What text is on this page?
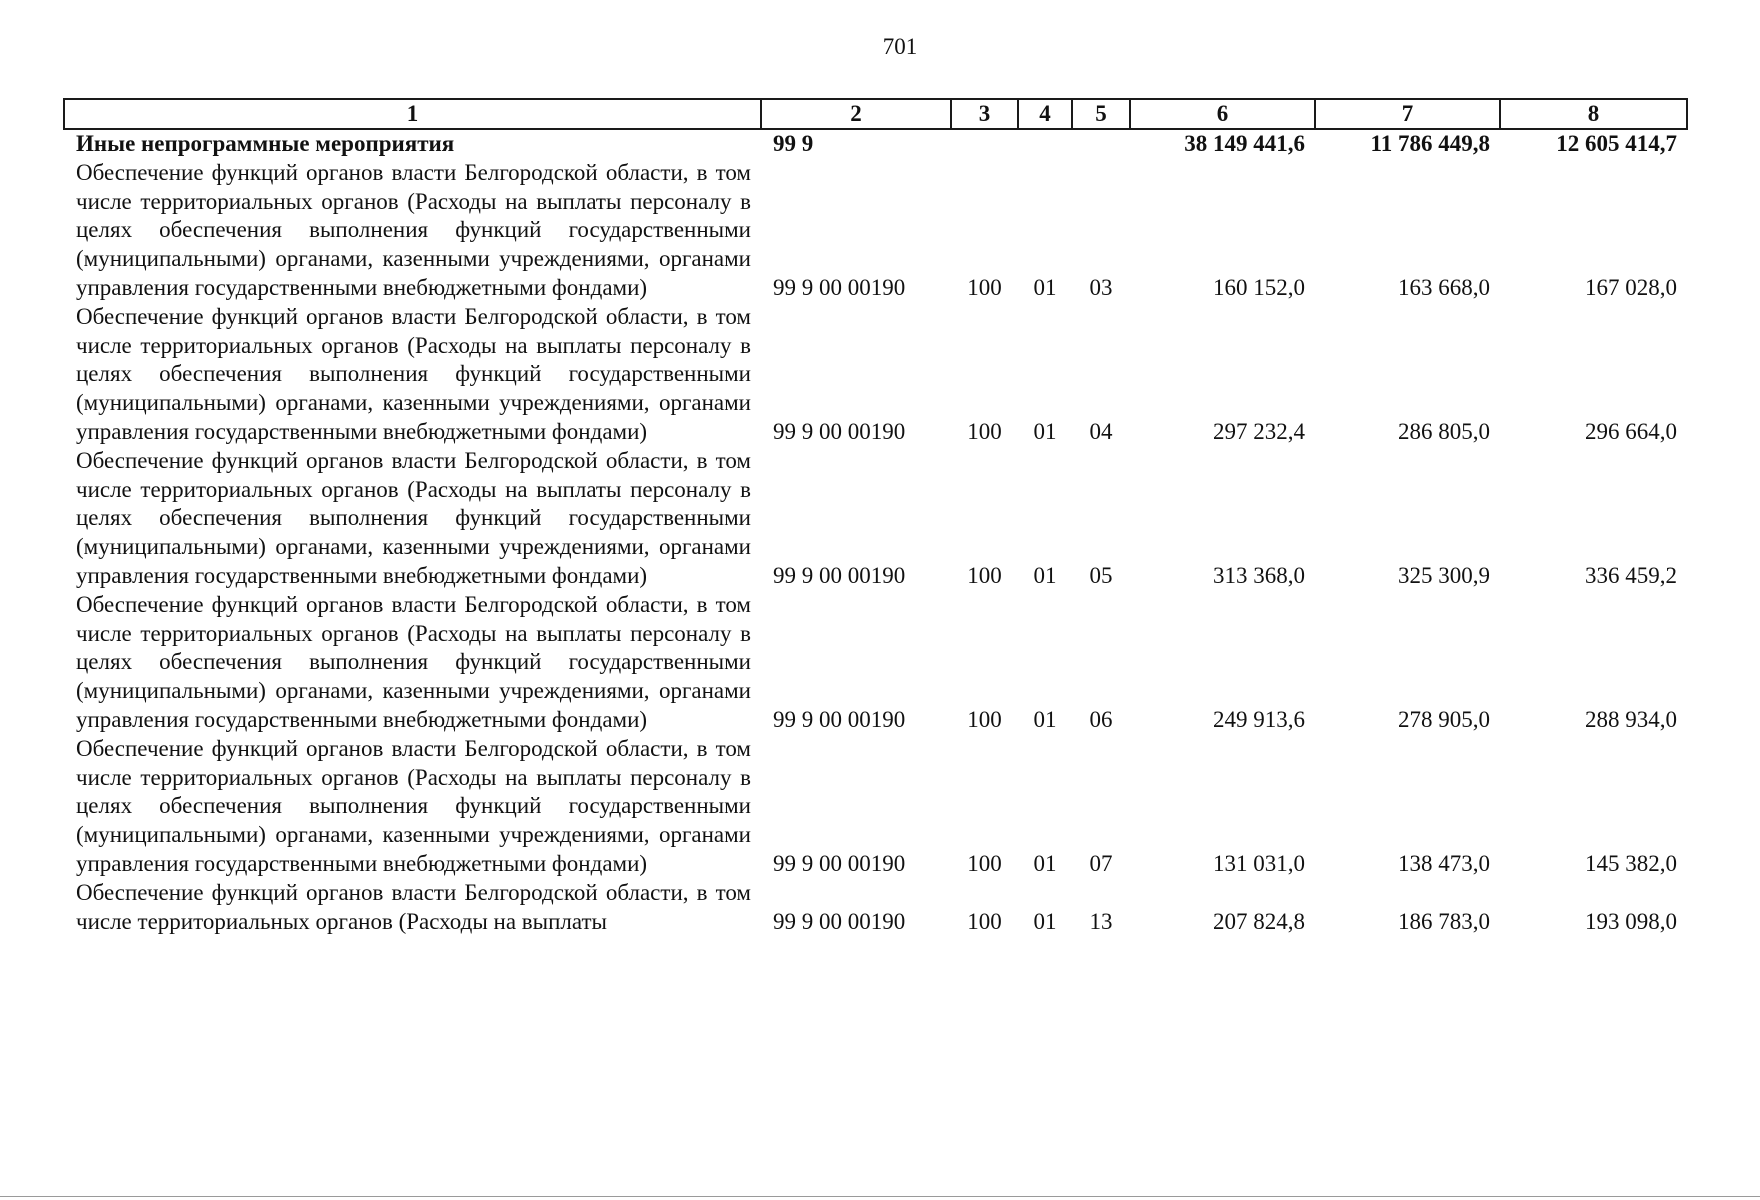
701
1	2	3	4	5	6	7	8
Иные непрограммные мероприятия	99 9				38 149 441,6	11 786 449,8	12 605 414,7
Обеспечение функций органов власти Белгородской области, в том числе территориальных органов (Расходы на выплаты персоналу в целях обеспечения выполнения функций государственными (муниципальными) органами, казенными учреждениями, органами управления государственными внебюджетными фондами)	99 9 00 00190	100	01	03	160 152,0	163 668,0	167 028,0
Обеспечение функций органов власти Белгородской области, в том числе территориальных органов (Расходы на выплаты персоналу в целях обеспечения выполнения функций государственными (муниципальными) органами, казенными учреждениями, органами управления государственными внебюджетными фондами)	99 9 00 00190	100	01	04	297 232,4	286 805,0	296 664,0
Обеспечение функций органов власти Белгородской области, в том числе территориальных органов (Расходы на выплаты персоналу в целях обеспечения выполнения функций государственными (муниципальными) органами, казенными учреждениями, органами управления государственными внебюджетными фондами)	99 9 00 00190	100	01	05	313 368,0	325 300,9	336 459,2
Обеспечение функций органов власти Белгородской области, в том числе территориальных органов (Расходы на выплаты персоналу в целях обеспечения выполнения функций государственными (муниципальными) органами, казенными учреждениями, органами управления государственными внебюджетными фондами)	99 9 00 00190	100	01	06	249 913,6	278 905,0	288 934,0
Обеспечение функций органов власти Белгородской области, в том числе территориальных органов (Расходы на выплаты персоналу в целях обеспечения выполнения функций государственными (муниципальными) органами, казенными учреждениями, органами управления государственными внебюджетными фондами)	99 9 00 00190	100	01	07	131 031,0	138 473,0	145 382,0
Обеспечение функций органов власти Белгородской области, в том числе территориальных органов (Расходы на выплаты	99 9 00 00190	100	01	13	207 824,8	186 783,0	193 098,0
